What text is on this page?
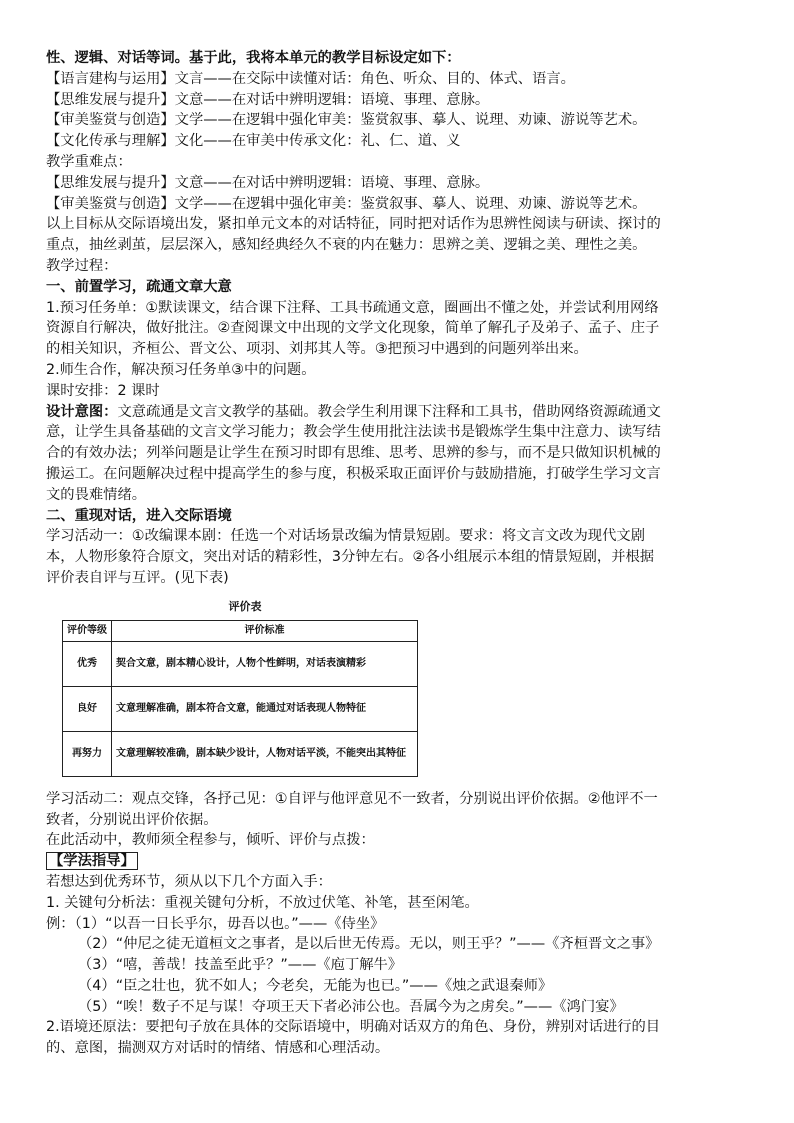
性、逻辑、对话等词。基于此，我将本单元的教学目标设定如下：
【语言建构与运用】文言——在交际中读懂对话：角色、听众、目的、体式、语言。
【思维发展与提升】文意——在对话中辨明逻辑：语境、事理、意脉。
【审美鉴赏与创造】文学——在逻辑中强化审美：鉴赏叙事、摹人、说理、劝谏、游说等艺术。
【文化传承与理解】文化——在审美中传承文化：礼、仁、道、义
教学重难点：
【思维发展与提升】文意——在对话中辨明逻辑：语境、事理、意脉。
【审美鉴赏与创造】文学——在逻辑中强化审美：鉴赏叙事、摹人、说理、劝谏、游说等艺术。
以上目标从交际语境出发，紧扣单元文本的对话特征，同时把对话作为思辨性阅读与研读、探讨的
重点，抽丝剥茧，层层深入，感知经典经久不衰的内在魅力：思辨之美、逻辑之美、理性之美。
教学过程：
一、前置学习，疏通文章大意
1.预习任务单：①默读课文，结合课下注释、工具书疏通文意，圈画出不懂之处，并尝试利用网络
资源自行解决，做好批注。②查阅课文中出现的文学文化现象，简单了解孔子及弟子、孟子、庄子
的相关知识，齐桓公、晋文公、项羽、刘邦其人等。③把预习中遇到的问题列举出来。
2.师生合作，解决预习任务单③中的问题。
课时安排：2 课时
设计意图：文意疏通是文言文教学的基础。教会学生利用课下注释和工具书，借助网络资源疏通文
意，让学生具备基础的文言文学习能力；教会学生使用批注法读书是锻炼学生集中注意力、读写结
合的有效办法；列举问题是让学生在预习时即有思维、思考、思辨的参与，而不是只做知识机械的
搬运工。在问题解决过程中提高学生的参与度，积极采取正面评价与鼓励措施，打破学生学习文言
文的畏难情绪。
二、重现对话，进入交际语境
学习活动一：①改编课本剧：任选一个对话场景改编为情景短剧。要求：将文言文改为现代文剧
本，人物形象符合原文，突出对话的精彩性，3分钟左右。②各小组展示本组的情景短剧，并根据
评价表自评与互评。(见下表)
评价表
评价等级	评价标准
优秀	契合文意，剧本精心设计，人物个性鲜明，对话表演精彩
良好	文意理解准确，剧本符合文意，能通过对话表现人物特征
再努力	文意理解较准确，剧本缺少设计，人物对话平淡，不能突出其特征
学习活动二：观点交锋，各抒己见：①自评与他评意见不一致者，分别说出评价依据。②他评不一
致者，分别说出评价依据。
在此活动中，教师须全程参与，倾听、评价与点拨：
【学法指导】
若想达到优秀环节，须从以下几个方面入手：
1. 关键句分析法：重视关键句分析，不放过伏笔、补笔，甚至闲笔。
例：（1）“以吾一日长乎尔，毋吾以也。”——《侍坐》
（2）“仲尼之徒无道桓文之事者，是以后世无传焉。无以，则王乎？”——《齐桓晋文之事》
（3）“嘻，善哉！技盖至此乎？”——《庖丁解牛》
（4）“臣之壮也，犹不如人；今老矣，无能为也已。”——《烛之武退秦师》
（5）“唉！数子不足与谋！夺项王天下者必沛公也。吾属今为之虏矣。”——《鸿门宴》
2.语境还原法：要把句子放在具体的交际语境中，明确对话双方的角色、身份，辨别对话进行的目
的、意图，揣测双方对话时的情绪、情感和心理活动。
